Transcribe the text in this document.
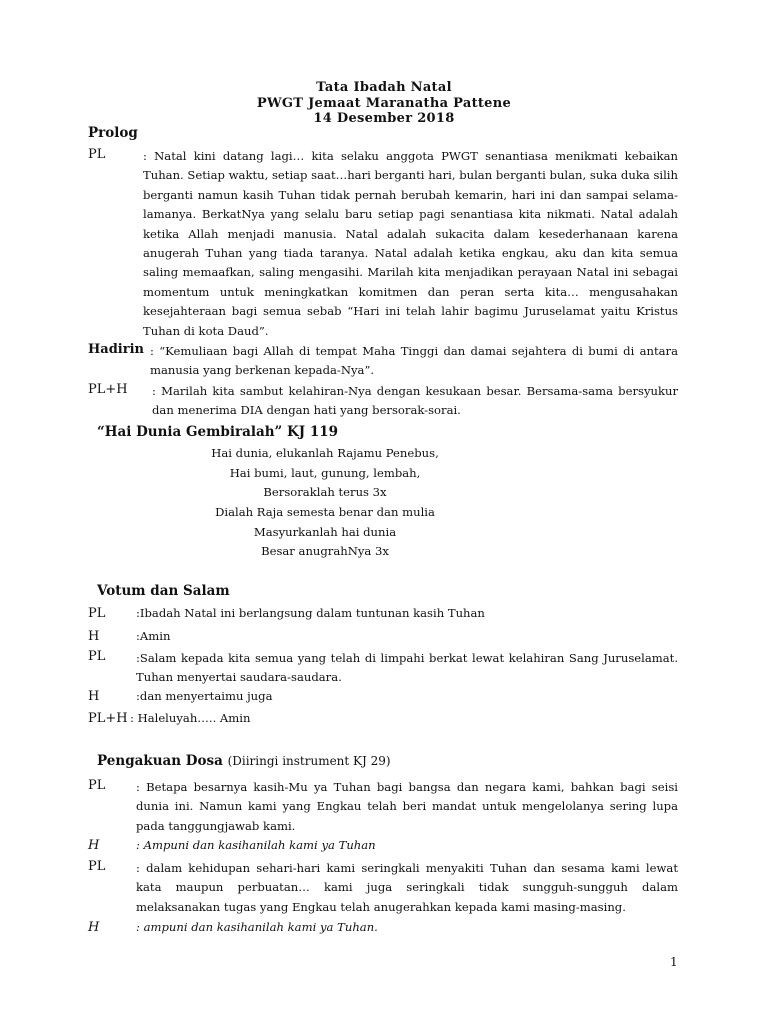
Tata Ibadah Natal
PWGT Jemaat Maranatha Pattene
14 Desember 2018
Prolog
PL	: Natal kini datang lagi… kita selaku anggota PWGT senantiasa menikmati kebaikan Tuhan. Setiap waktu, setiap saat…hari berganti hari, bulan berganti bulan, suka duka silih berganti namun kasih Tuhan tidak pernah berubah kemarin, hari ini dan sampai selama-lamanya. BerkatNya yang selalu baru setiap pagi senantiasa kita nikmati. Natal adalah ketika Allah menjadi manusia. Natal adalah sukacita dalam kesederhanaan karena anugerah Tuhan yang tiada taranya. Natal adalah ketika engkau, aku dan kita semua saling memaafkan, saling mengasihi. Marilah kita menjadikan perayaan Natal ini sebagai momentum untuk meningkatkan komitmen dan peran serta kita… mengusahakan kesejahteraan bagi semua sebab “Hari ini telah lahir bagimu Juruselamat yaitu Kristus Tuhan di kota Daud”.
Hadirin : “Kemuliaan bagi Allah di tempat Maha Tinggi dan damai sejahtera di bumi di antara manusia yang berkenan kepada-Nya”.
PL+H : Marilah kita sambut kelahiran-Nya dengan kesukaan besar. Bersama-sama bersyukur dan menerima DIA dengan hati yang bersorak-sorai.
“Hai Dunia Gembiralah” KJ 119
Hai dunia, elukanlah Rajamu Penebus,
Hai bumi, laut, gunung, lembah,
Bersoraklah terus 3x
Dialah Raja semesta benar dan mulia
Masyurkanlah hai dunia
Besar anugrahNya 3x
Votum dan Salam
PL	:Ibadah Natal ini berlangsung dalam tuntunan kasih Tuhan
H	:Amin
PL	:Salam kepada kita semua yang telah di limpahi berkat lewat kelahiran Sang Juruselamat. Tuhan menyertai saudara-saudara.
H	:dan menyertaimu juga
PL+H : Haleluyah….. Amin
Pengakuan Dosa (Diiringi instrument KJ 29)
PL	: Betapa besarnya kasih-Mu ya Tuhan bagi bangsa dan negara kami, bahkan bagi seisi dunia ini. Namun kami yang Engkau telah beri mandat untuk mengelolanya sering lupa pada tanggungjawab kami.
H	: Ampuni dan kasihanilah kami ya Tuhan
PL	: dalam kehidupan sehari-hari kami seringkali menyakiti Tuhan dan sesama kami lewat kata maupun perbuatan… kami juga seringkali tidak sungguh-sungguh dalam melaksanakan tugas yang Engkau telah anugerahkan kepada kami masing-masing.
H	: ampuni dan kasihanilah kami ya Tuhan.
1
